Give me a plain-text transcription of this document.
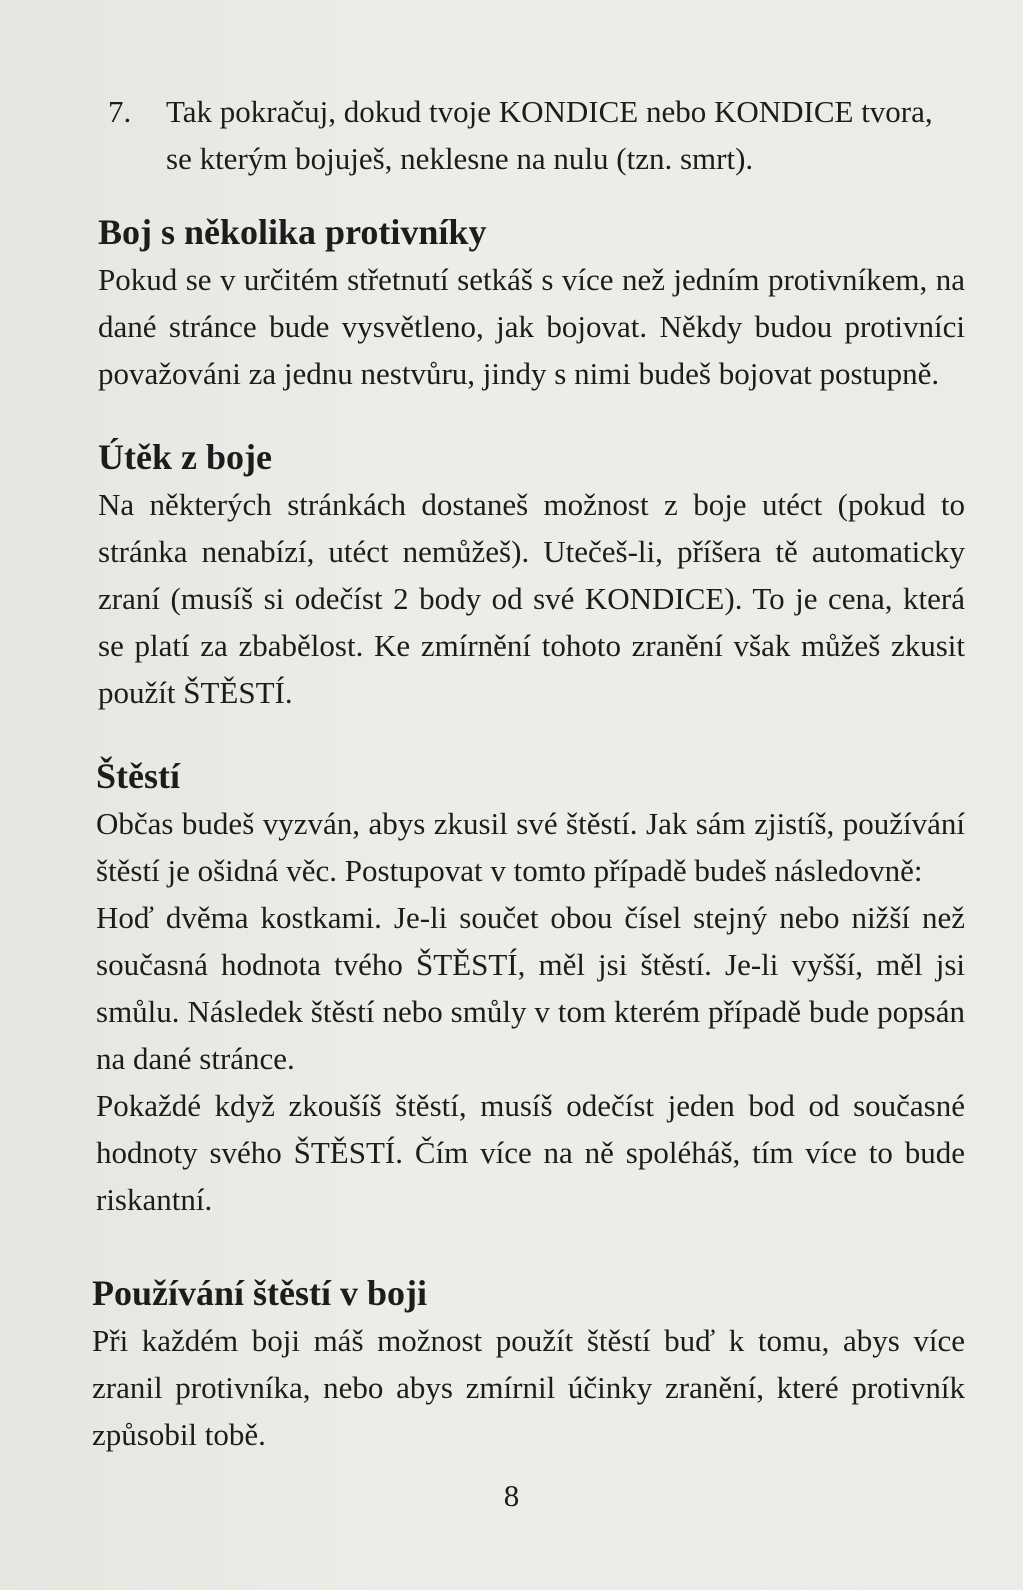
7.	Tak pokračuj, dokud tvoje KONDICE nebo KONDICE tvora, se kterým bojuješ, neklesne na nulu (tzn. smrt).
Boj s několika protivníky

Pokud se v určitém střetnutí setkáš s více než jedním protivníkem, na dané stránce bude vysvětleno, jak bojovat. Někdy budou protivníci považováni za jednu nestvůru, jindy s nimi budeš bojovat postupně.

Útěk z boje

Na některých stránkách dostaneš možnost z boje utéct (pokud to stránka nenabízí, utéct nemůžeš). Utečeš-li, příšera tě automaticky zraní (musíš si odečíst 2 body od své KONDICE). To je cena, která se platí za zbabělost. Ke zmírnění tohoto zranění však můžeš zkusit použít ŠTĚSTÍ.

Štěstí

Občas budeš vyzván, abys zkusil své štěstí. Jak sám zjistíš, používání štěstí je ošidná věc. Postupovat v tomto případě budeš následovně:

Hoď dvěma kostkami. Je-li součet obou čísel stejný nebo nižší než současná hodnota tvého ŠTĚSTÍ, měl jsi štěstí. Je-li vyšší, měl jsi smůlu. Následek štěstí nebo smůly v tom kterém případě bude popsán na dané stránce.

Pokaždé když zkoušíš štěstí, musíš odečíst jeden bod od současné hodnoty svého ŠTĚSTÍ. Čím více na ně spoléháš, tím více to bude riskantní.

Používání štěstí v boji

Při každém boji máš možnost použít štěstí buď k tomu, abys více zranil protivníka, nebo abys zmírnil účinky zranění, které protivník způsobil tobě.

8
